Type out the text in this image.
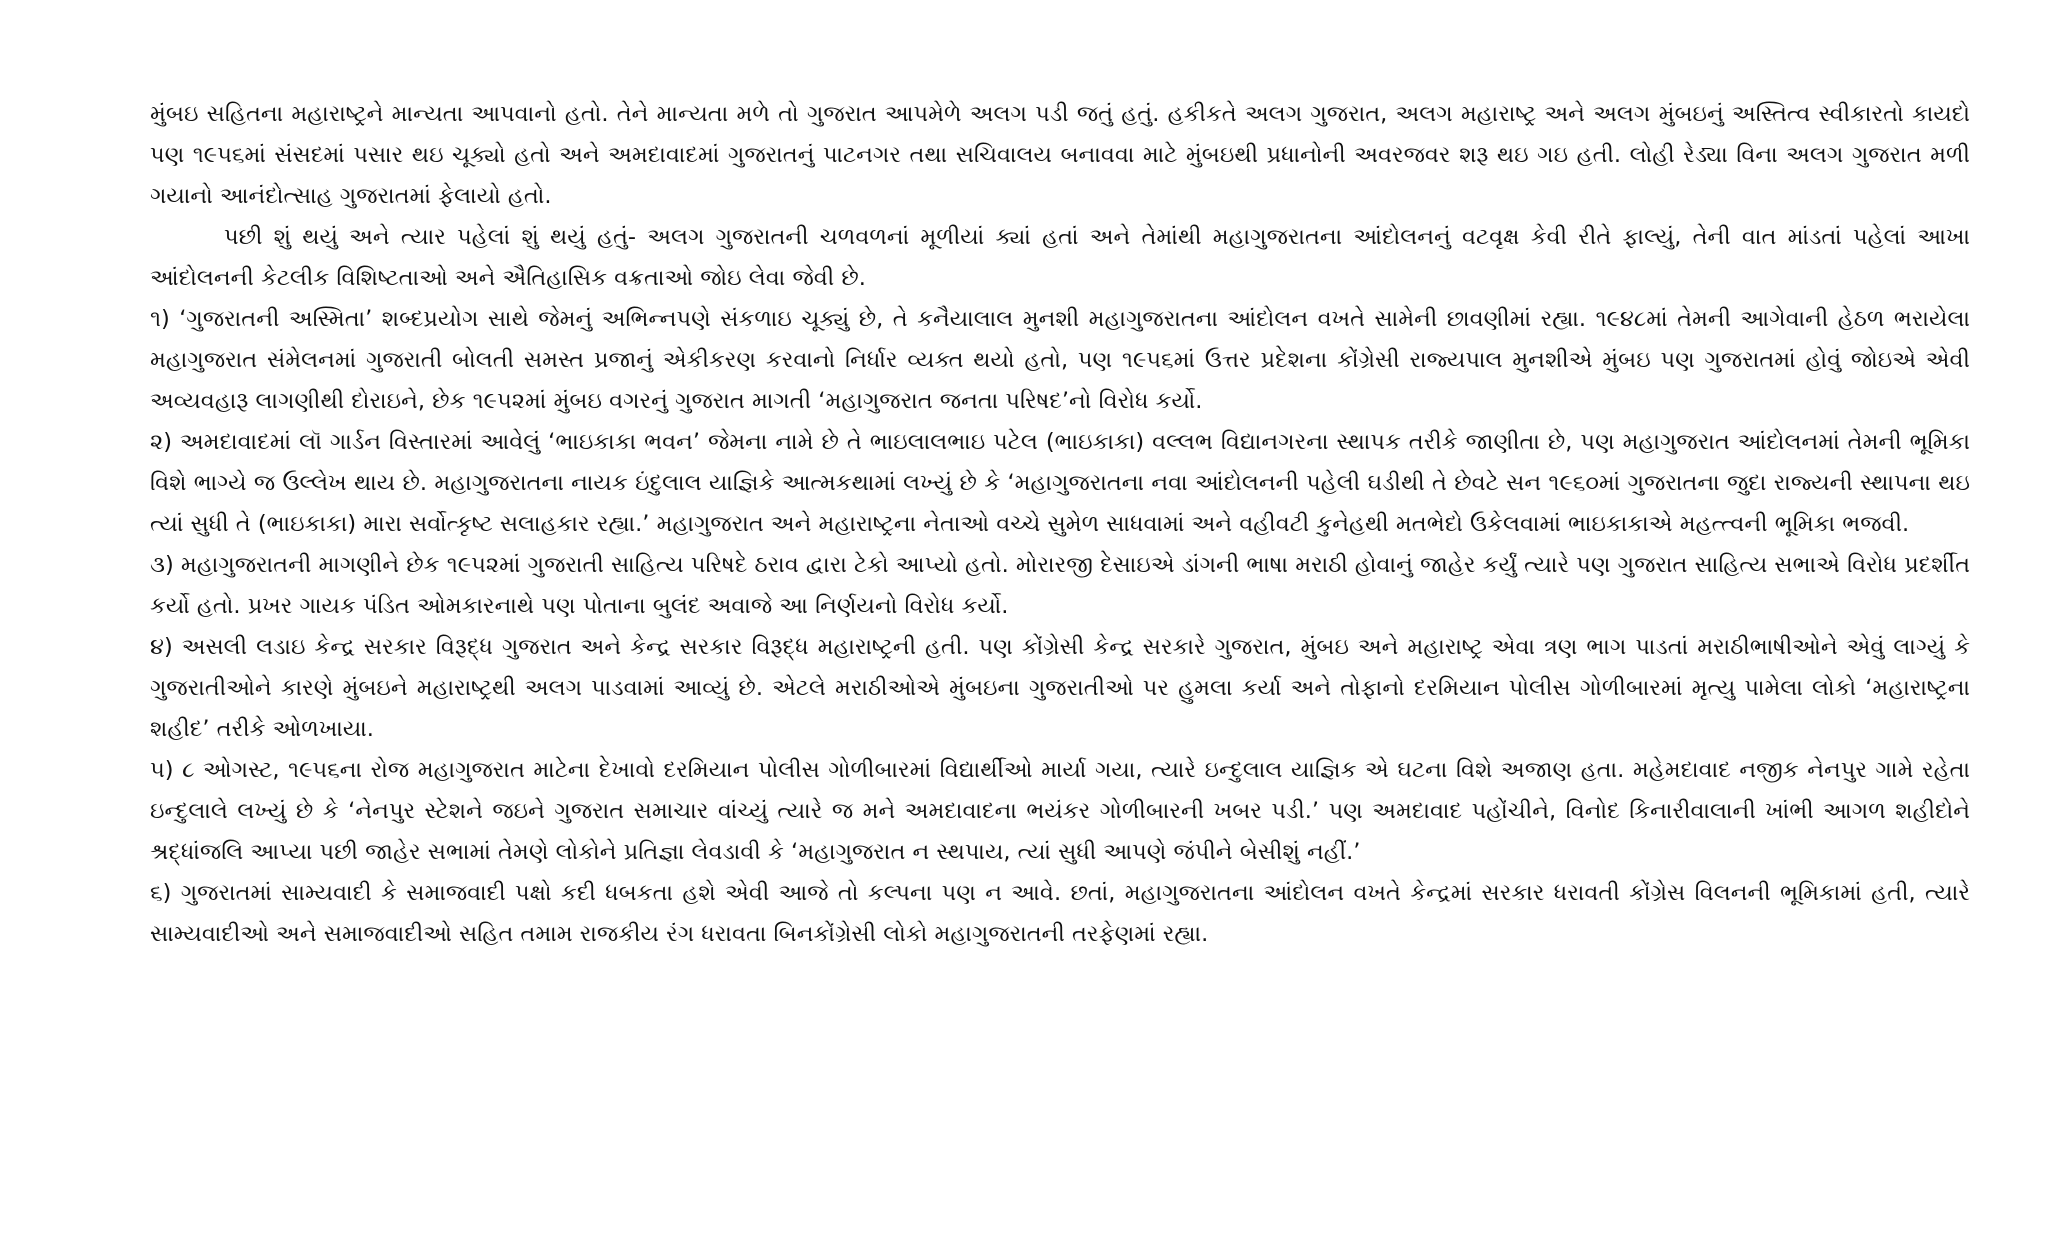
મુંબઇ સહિતના મહારાષ્ટ્રને માન્યતા આપવાનો હતો. તેને માન્યતા મળે તો ગુજરાત આપમેળે અલગ પડી જતું હતું. હકીકતે અલગ ગુજરાત, અલગ મહારાષ્ટ્ર અને અલગ મુંબઇનું અસ્તિત્વ સ્વીકારતો કાયદો પણ ૧૯૫૬માં સંસદમાં પસાર થઇ ચૂક્યો હતો અને અમદાવાદમાં ગુજરાતનું પાટનગર તથા સચિવાલય બનાવવા માટે મુંબઇથી પ્રધાનોની અવરજવર શરૂ થઇ ગઇ હતી. લોહી રેડ્યા વિના અલગ ગુજરાત મળી ગયાનો આનંદોત્સાહ ગુજરાતમાં ફેલાયો હતો.

પછી શું થયું અને ત્યાર પહેલાં શું થયું હતું- અલગ ગુજરાતની ચળવળનાં મૂળીયાં ક્યાં હતાં અને તેમાંથી મહાગુજરાતના આંદોલનનું વટવૃક્ષ કેવી રીતે ફાલ્યું, તેની વાત માંડતાં પહેલાં આખા આંદોલનની કેટલીક વિશિષ્ટતાઓ અને ઐતિહાસિક વક્રતાઓ જોઇ લેવા જેવી છે.

૧) ‘ગુજરાતની અસ્મિતા’ શબ્દપ્રયોગ સાથે જેમનું અભિન્નપણે સંકળાઇ ચૂક્યું છે, તે કનૈયાલાલ મુનશી મહાગુજરાતના આંદોલન વખતે સામેની છાવણીમાં રહ્યા. ૧૯૪૮માં તેમની આગેવાની હેઠળ ભરાયેલા મહાગુજરાત સંમેલનમાં ગુજરાતી બોલતી સમસ્ત પ્રજાનું એકીકરણ કરવાનો નિર્ધાર વ્યક્ત થયો હતો, પણ ૧૯૫૬માં ઉત્તર પ્રદેશના કોંગ્રેસી રાજ્યપાલ મુનશીએ મુંબઇ પણ ગુજરાતમાં હોવું જોઇએ એવી અવ્યવહારૂ લાગણીથી દોરાઇને, છેક ૧૯૫૨માં મુંબઇ વગરનું ગુજરાત માગતી ‘મહાગુજરાત જનતા પરિષદ’નો વિરોધ કર્યો.

૨) અમદાવાદમાં લૉ ગાર્ડન વિસ્તારમાં આવેલું ‘ભાઇકાકા ભવન’ જેમના નામે છે તે ભાઇલાલભાઇ પટેલ (ભાઇકાકા) વલ્લભ વિદ્યાનગરના સ્થાપક તરીકે જાણીતા છે, પણ મહાગુજરાત આંદોલનમાં તેમની ભૂમિકા વિશે ભાગ્યે જ ઉલ્લેખ થાય છે. મહાગુજરાતના નાયક ઇંદુલાલ યાજ્ઞિકે આત્મકથામાં લખ્યું છે કે ‘મહાગુજરાતના નવા આંદોલનની પહેલી ઘડીથી તે છેવટે સન ૧૯૬૦માં ગુજરાતના જુદા રાજ્યની સ્થાપના થઇ ત્યાં સુધી તે (ભાઇકાકા) મારા સર્વોત્કૃષ્ટ સલાહકાર રહ્યા.’ મહાગુજરાત અને મહારાષ્ટ્રના નેતાઓ વચ્ચે સુમેળ સાધવામાં અને વહીવટી કુનેહથી મતભેદો ઉકેલવામાં ભાઇકાકાએ મહત્ત્વની ભૂમિકા ભજવી.

૩) મહાગુજરાતની માગણીને છેક ૧૯૫૨માં ગુજરાતી સાહિત્ય પરિષદે ઠરાવ દ્વારા ટેકો આપ્યો હતો. મોરારજી દેસાઇએ ડાંગની ભાષા મરાઠી હોવાનું જાહેર કર્યું ત્યારે પણ ગુજરાત સાહિત્ય સભાએ વિરોધ પ્રદર્શીત કર્યો હતો. પ્રખર ગાયક પંડિત ઓમકારનાથે પણ પોતાના બુલંદ અવાજે આ નિર્ણયનો વિરોધ કર્યો.

૪) અસલી લડાઇ કેન્દ્ર સરકાર વિરૂદ્ધ ગુજરાત અને કેન્દ્ર સરકાર વિરૂદ્ધ મહારાષ્ટ્રની હતી. પણ કોંગ્રેસી કેન્દ્ર સરકારે ગુજરાત, મુંબઇ અને મહારાષ્ટ્ર એવા ત્રણ ભાગ પાડતાં મરાઠીભાષીઓને એવું લાગ્યું કે ગુજરાતીઓને કારણે મુંબઇને મહારાષ્ટ્રથી અલગ પાડવામાં આવ્યું છે. એટલે મરાઠીઓએ મુંબઇના ગુજરાતીઓ પર હુમલા કર્યા અને તોફાનો દરમિયાન પોલીસ ગોળીબારમાં મૃત્યુ પામેલા લોકો ‘મહારાષ્ટ્રના શહીદ’ તરીકે ઓળખાયા.

૫) ૮ ઓગસ્ટ, ૧૯૫૬ના રોજ મહાગુજરાત માટેના દેખાવો દરમિયાન પોલીસ ગોળીબારમાં વિદ્યાર્થીઓ માર્યા ગયા, ત્યારે ઇન્દુલાલ યાજ્ઞિક એ ઘટના વિશે અજાણ હતા. મહેમદાવાદ નજીક નેનપુર ગામે રહેતા ઇન્દુલાલે લખ્યું છે કે ‘નેનપુર સ્ટેશને જઇને ગુજરાત સમાચાર વાંચ્યું ત્યારે જ મને અમદાવાદના ભયંકર ગોળીબારની ખબર પડી.’ પણ અમદાવાદ પહોંચીને, વિનોદ કિનારીવાલાની ખાંભી આગળ શહીદોને શ્રદ્ધાંજલિ આપ્યા પછી જાહેર સભામાં તેમણે લોકોને પ્રતિજ્ઞા લેવડાવી કે ‘મહાગુજરાત ન સ્થપાય, ત્યાં સુધી આપણે જંપીને બેસીશું નહીં.’

૬) ગુજરાતમાં સામ્યવાદી કે સમાજવાદી પક્ષો કદી ધબકતા હશે એવી આજે તો કલ્પના પણ ન આવે. છતાં, મહાગુજરાતના આંદોલન વખતે કેન્દ્રમાં સરકાર ધરાવતી કોંગ્રેસ વિલનની ભૂમિકામાં હતી, ત્યારે સામ્યવાદીઓ અને સમાજવાદીઓ સહિત તમામ રાજકીય રંગ ધરાવતા બિનકોંગ્રેસી લોકો મહાગુજરાતની તરફેણમાં રહ્યા.
